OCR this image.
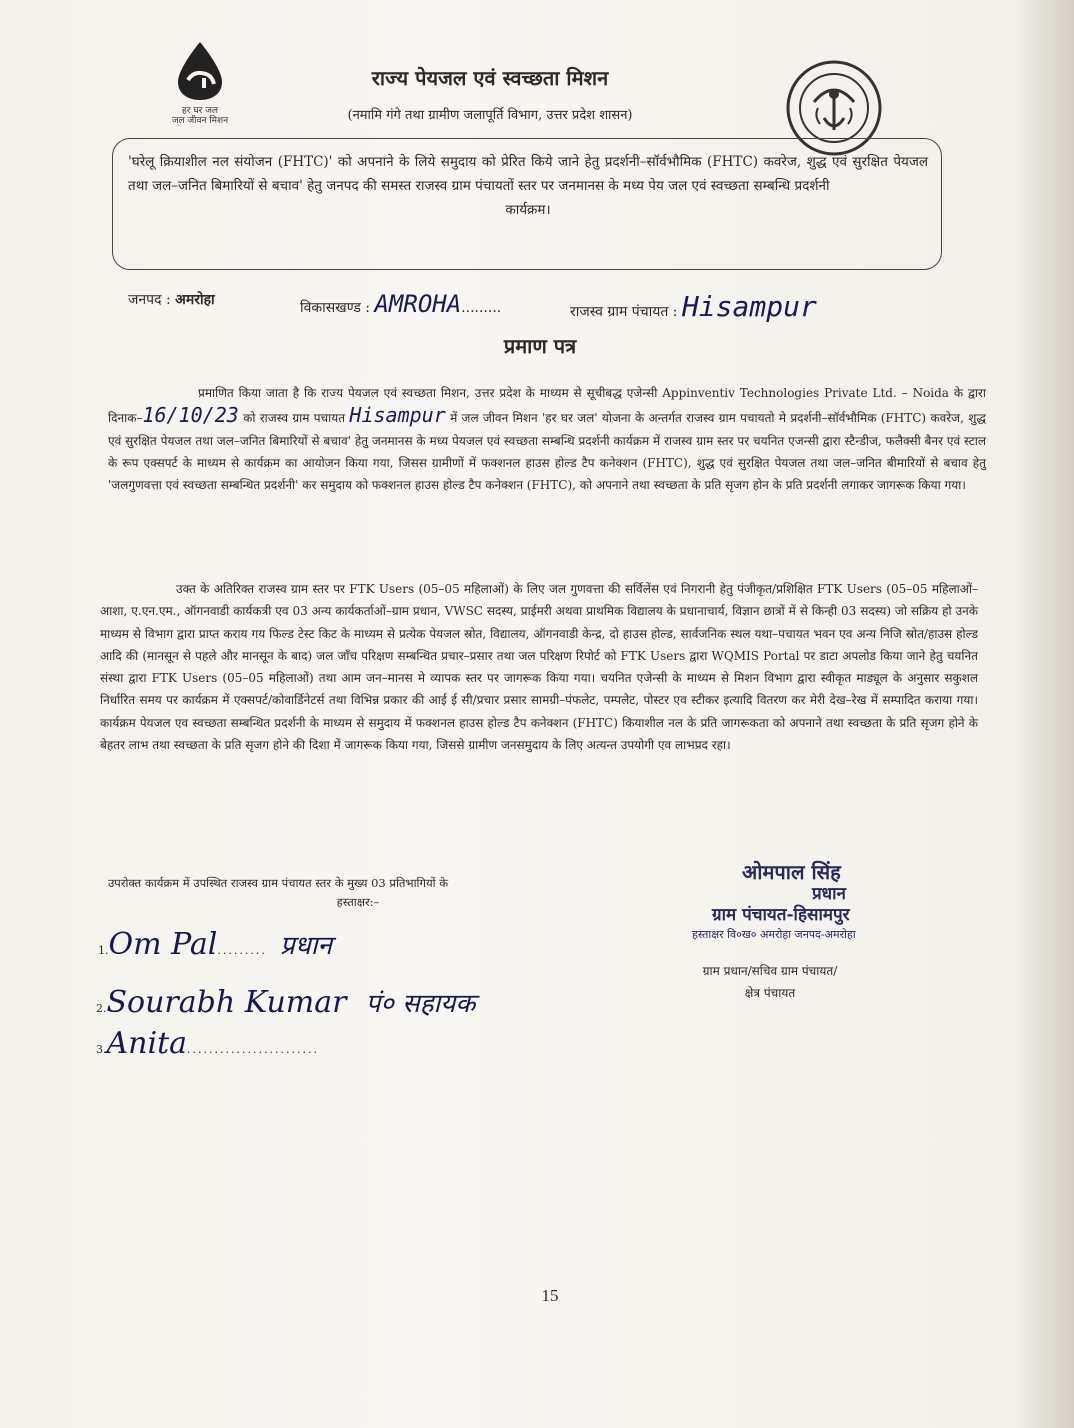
हर घर जल
जल जीवन मिशन
राज्य पेयजल एवं स्वच्छता मिशन
(नमामि गंगे तथा ग्रामीण जलापूर्ति विभाग, उत्तर प्रदेश शासन)
'घरेलू क्रियाशील नल संयोजन (FHTC)' को अपनाने के लिये समुदाय को प्रेरित किये जाने हेतु प्रदर्शनी–सॉर्वभौमिक (FHTC) कवरेज, शुद्ध एवं सुरक्षित पेयजल तथा जल–जनित बिमारियों से बचाव' हेतु जनपद की समस्त राजस्व ग्राम पंचायतों स्तर पर जनमानस के मध्य पेय जल एवं स्वच्छता सम्बन्धि प्रदर्शनी
कार्यक्रम।
जनपद : अमरोहा	विकासखण्ड : AMROHA.........	राजस्व ग्राम पंचायत : Hisampur
प्रमाण पत्र
प्रमाणित किया जाता है कि राज्य पेयजल एवं स्वच्छता मिशन, उत्तर प्रदेश के माध्यम से सूचीबद्ध एजेन्सी Appinventiv Technologies Private Ltd. – Noida के द्वारा दिनाक–16/10/23 को राजस्व ग्राम पचायत Hisampur में जल जीवन मिशन 'हर घर जल' योजना के अन्तर्गत राजस्व ग्राम पचायतो मे प्रदर्शनी–सॉर्वभौमिक (FHTC) कवरेज, शुद्ध एवं सुरक्षित पेयजल तथा जल–जनित बिमारियों से बचाव' हेतु जनमानस के मध्य पेयजल एवं स्वच्छता सम्बन्धि प्रदर्शनी कार्यक्रम में राजस्व ग्राम स्तर पर चयनित एजन्सी द्वारा स्टैन्डीज, फलैक्सी बैनर एवं स्टाल के रूप एक्सपर्ट के माध्यम से कार्यक्रम का आयोजन किया गया, जिसस ग्रामीणों में फक्शनल हाउस होल्ड टैप कनेक्शन (FHTC), शुद्ध एवं सुरक्षित पेयजल तथा जल–जनित बीमारियों से बचाव हेतु 'जलगुणवत्ता एवं स्वच्छता सम्बन्धित प्रदर्शनी' कर समुदाय को फक्शनल हाउस होल्ड टैप कनेक्शन (FHTC), को अपनाने तथा स्वच्छता के प्रति सृजग होन के प्रति प्रदर्शनी लगाकर जागरूक किया गया।
उक्त के अतिरिक्त राजस्व ग्राम स्तर पर FTK Users (05–05 महिलाओं) के लिए जल गुणवत्ता की सर्विलेंस एवं निगरानी हेतु पंजीकृत/प्रशिक्षित FTK Users (05–05 महिलाओं–आशा, ए.एन.एम., ऑगनवाडी कार्यकत्री एव 03 अन्य कार्यकर्ताओं–ग्राम प्रधान, VWSC सदस्य, प्राईमरी अथवा प्राथमिक विद्यालय के प्रधानाचार्य, विज्ञान छात्रों में से किन्ही 03 सदस्य) जो सक्रिय हो उनके माध्यम से विभाग द्वारा प्राप्त कराय गय फिल्ड टेस्ट किट के माध्यम से प्रत्येक पेयजल स्रोत, विद्यालय, ऑगनवाडी केन्द्र, दो हाउस होल्ड, सार्वजनिक स्थल यथा–पचायत भवन एव अन्य निजि स्रोत/हाउस होल्ड आदि की (मानसून से पहले और मानसून के बाद) जल जाँच परिक्षण सम्बन्धित प्रचार–प्रसार तथा जल परिक्षण रिपोर्ट को FTK Users द्वारा WQMIS Portal पर डाटा अपलोड किया जाने हेतु चयनित संस्था द्वारा FTK Users (05–05 महिलाओं) तथा आम जन–मानस मे व्यापक स्तर पर जागरूक किया गया। चयनित एजेन्सी के माध्यम से मिशन विभाग द्वारा स्वीकृत माड्यूल के अनुसार सकुशल निर्धारित समय पर कार्यक्रम में एक्सपर्ट/कोवार्डिनेटर्स तथा विभिन्न प्रकार की आई ई सी/प्रचार प्रसार सामग्री–पंफलेट, पम्पलेट, पोस्टर एव स्टीकर इत्यादि वितरण कर मेरी देख–रेख में सम्पादित कराया गया। कार्यक्रम पेयजल एव स्वच्छता सम्बन्धित प्रदर्शनी के माध्यम से समुदाय में फक्शनल हाउस होल्ड टैप कनेक्शन (FHTC) कियाशील नल के प्रति जागरूकता को अपनाने तथा स्वच्छता के प्रति सृजग होने के बेहतर लाभ तथा स्वच्छता के प्रति सृजग होने की दिशा में जागरूक किया गया, जिससे ग्रामीण जनसमुदाय के लिए अत्यन्त उपयोगी एव लाभप्रद रहा।
उपरोक्त कार्यक्रम में उपस्थित राजस्व ग्राम पंचायत स्तर के मुख्य 03 प्रतिभागियों के
हस्ताक्षर:–
1.Om Pal......... प्रधान
2.Sourabh Kumar पं० सहायक
3.Anita........................
ओमपाल सिंह
प्रधान
ग्राम पंचायत-हिसामपुर
हस्ताक्षर वि०ख० अमरोहा जनपद-अमरोहा
ग्राम प्रधान/सचिव ग्राम पंचायत/
क्षेत्र पंचायत
15
